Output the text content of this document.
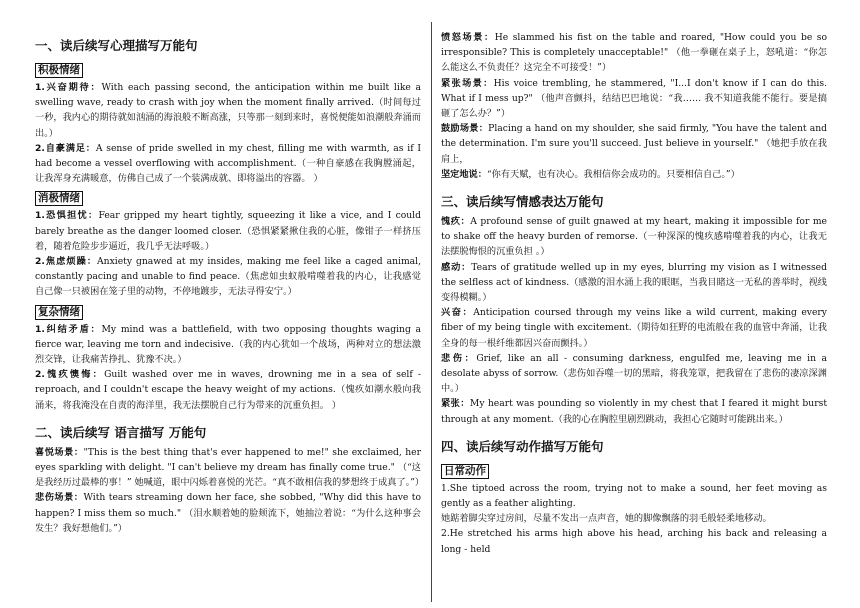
一、读后续写心理描写万能句
积极情绪

1.兴奋期待：With each passing second, the anticipation within me built like a swelling wave, ready to crash with joy when the moment finally arrived.（时间每过一秒，我内心的期待就如汹涌的海浪般不断高涨，只等那一刻到来时，喜悦便能如浪潮般奔涌而出。）

2.自豪满足：A sense of pride swelled in my chest, filling me with warmth, as if I had become a vessel overflowing with accomplishment.（一种自豪感在我胸膛涌起，让我浑身充满暖意，仿佛自己成了一个装满成就、即将溢出的容器。 ）

消极情绪

1.恐惧担忧：Fear gripped my heart tightly, squeezing it like a vice, and I could barely breathe as the danger loomed closer.（恐惧紧紧揪住我的心脏，像钳子一样挤压着，随着危险步步逼近，我几乎无法呼吸。）

2.焦虑烦躁：Anxiety gnawed at my insides, making me feel like a caged animal, constantly pacing and unable to find peace.（焦虑如虫蚁般啃噬着我的内心，让我感觉自己像一只被困在笼子里的动物，不停地踱步，无法寻得安宁。）

复杂情绪

1.纠结矛盾：My mind was a battlefield, with two opposing thoughts waging a fierce war, leaving me torn and indecisive.（我的内心犹如一个战场，两种对立的想法激烈交锋，让我痛苦挣扎、犹豫不决。）

2.愧疚懊悔：Guilt washed over me in waves, drowning me in a sea of self - reproach, and I couldn't escape the heavy weight of my actions.（愧疚如潮水般向我涌来，将我淹没在自责的海洋里，我无法摆脱自己行为带来的沉重负担。 ）

二、读后续写 语言描写 万能句

喜悦场景："This is the best thing that's ever happened to me!" she exclaimed, her eyes sparkling with delight. "I can't believe my dream has finally come true." （“这是我经历过最棒的事！” 她喊道，眼中闪烁着喜悦的光芒。“真不敢相信我的梦想终于成真了。”）

悲伤场景：With tears streaming down her face, she sobbed, "Why did this have to happen? I miss them so much." （泪水顺着她的脸颊流下，她抽泣着说：“为什么这种事会发生？我好想他们。”）

愤怒场景：He slammed his fist on the table and roared, "How could you be so irresponsible? This is completely unacceptable!" （他一拳砸在桌子上，怒吼道：“你怎么能这么不负责任？这完全不可接受！”）

紧张场景：His voice trembling, he stammered, "I...I don't know if I can do this. What if I mess up?" （他声音颤抖，结结巴巴地说：“我…… 我不知道我能不能行。要是搞砸了怎么办？”）

鼓励场景：Placing a hand on my shoulder, she said firmly, "You have the talent and the determination. I'm sure you'll succeed. Just believe in yourself." （她把手放在我肩上，
坚定地说：“你有天赋，也有决心。我相信你会成功的。只要相信自己。”）

三、读后续写情感表达万能句

愧疚：A profound sense of guilt gnawed at my heart, making it impossible for me to shake off the heavy burden of remorse.（一种深深的愧疚感啃噬着我的内心，让我无法摆脱悔恨的沉重负担 。）

感动：Tears of gratitude welled up in my eyes, blurring my vision as I witnessed the selfless act of kindness.（感激的泪水涌上我的眼眶，当我目睹这一无私的善举时，视线变得模糊。）

兴奋：Anticipation coursed through my veins like a wild current, making every fiber of my being tingle with excitement.（期待如狂野的电流般在我的血管中奔涌，让我全身的每一根纤维都因兴奋而颤抖。）

悲伤：Grief, like an all - consuming darkness, engulfed me, leaving me in a desolate abyss of sorrow.（悲伤如吞噬一切的黑暗，将我笼罩，把我留在了悲伤的凄凉深渊中。）

紧张：My heart was pounding so violently in my chest that I feared it might burst through at any moment.（我的心在胸腔里剧烈跳动，我担心它随时可能跳出来。）

四、读后续写动作描写万能句
日常动作

1.She tiptoed across the room, trying not to make a sound, her feet moving as gently as a feather alighting.

她踮着脚尖穿过房间，尽量不发出一点声音，她的脚像飘落的羽毛般轻柔地移动。

2.He stretched his arms high above his head, arching his back and releasing a long - held
